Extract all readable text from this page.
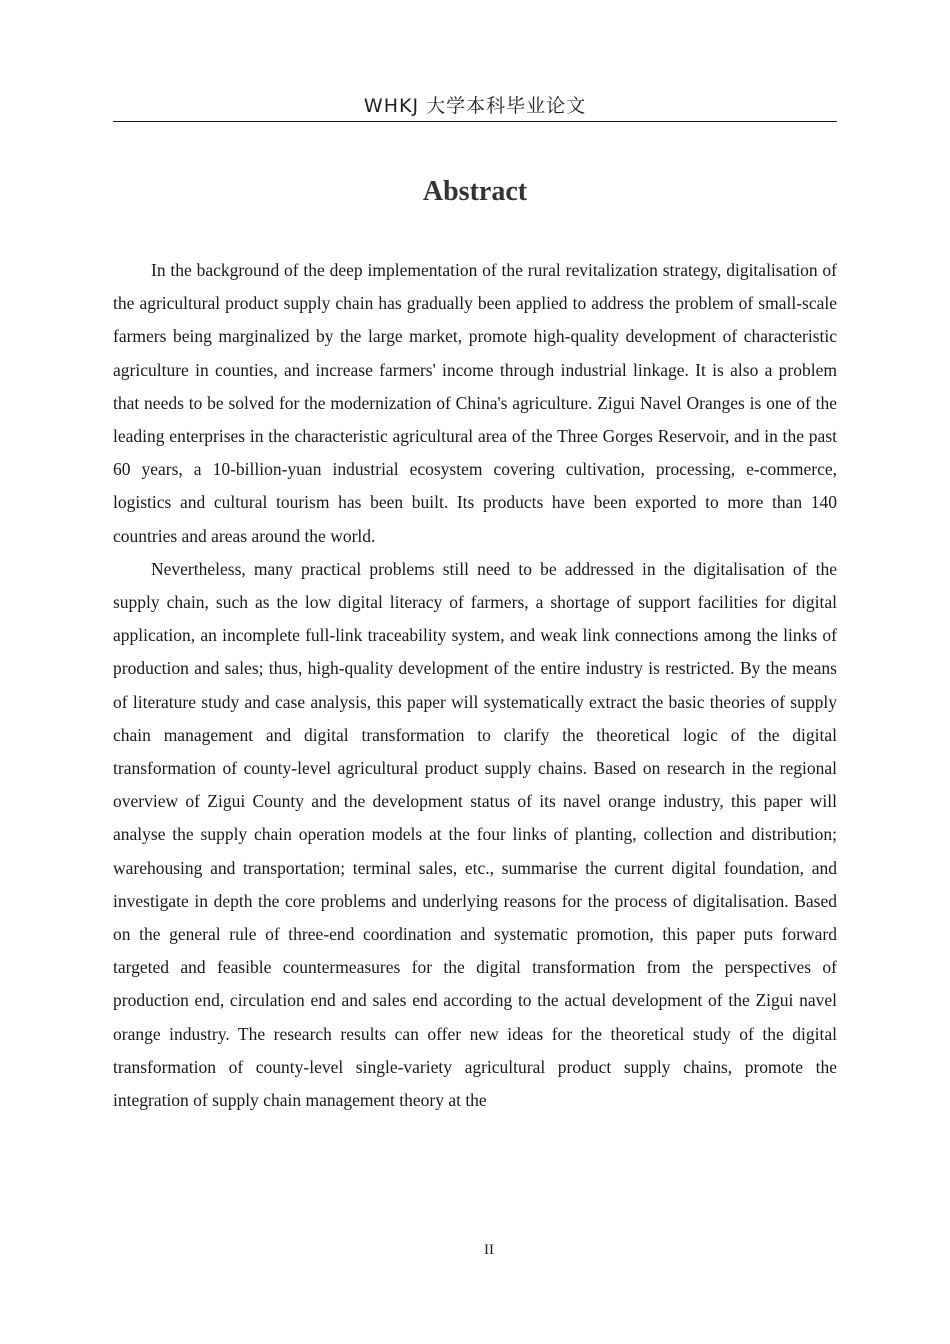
WHKJ 大学本科毕业论文
Abstract

In the background of the deep implementation of the rural revitalization strategy, digitalisation of the agricultural product supply chain has gradually been applied to address the problem of small-scale farmers being marginalized by the large market, promote high-quality development of characteristic agriculture in counties, and increase farmers' income through industrial linkage. It is also a problem that needs to be solved for the modernization of China's agriculture. Zigui Navel Oranges is one of the leading enterprises in the characteristic agricultural area of the Three Gorges Reservoir, and in the past 60 years, a 10-billion-yuan industrial ecosystem covering cultivation, processing, e-commerce, logistics and cultural tourism has been built. Its products have been exported to more than 140 countries and areas around the world.

Nevertheless, many practical problems still need to be addressed in the digitalisation of the supply chain, such as the low digital literacy of farmers, a shortage of support facilities for digital application, an incomplete full-link traceability system, and weak link connections among the links of production and sales; thus, high-quality development of the entire industry is restricted. By the means of literature study and case analysis, this paper will systematically extract the basic theories of supply chain management and digital transformation to clarify the theoretical logic of the digital transformation of county-level agricultural product supply chains. Based on research in the regional overview of Zigui County and the development status of its navel orange industry, this paper will analyse the supply chain operation models at the four links of planting, collection and distribution; warehousing and transportation; terminal sales, etc., summarise the current digital foundation, and investigate in depth the core problems and underlying reasons for the process of digitalisation. Based on the general rule of three-end coordination and systematic promotion, this paper puts forward targeted and feasible countermeasures for the digital transformation from the perspectives of production end, circulation end and sales end according to the actual development of the Zigui navel orange industry. The research results can offer new ideas for the theoretical study of the digital transformation of county-level single-variety agricultural product supply chains, promote the integration of supply chain management theory at the

II
